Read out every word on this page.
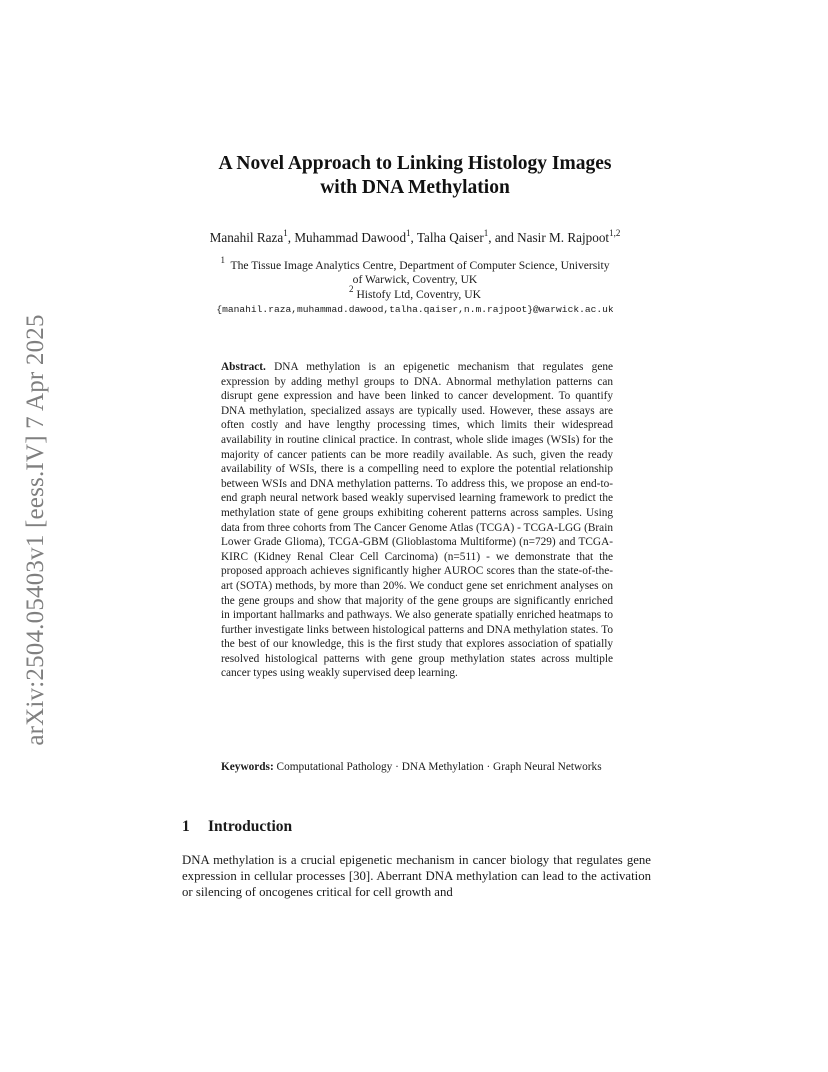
arXiv:2504.05403v1 [eess.IV] 7 Apr 2025
A Novel Approach to Linking Histology Images
with DNA Methylation
Manahil Raza$^1$, Muhammad Dawood$^1$, Talha Qaiser$^1$, and Nasir M. Rajpoot$^{1,2}$
$^1$ The Tissue Image Analytics Centre, Department of Computer Science, University
of Warwick, Coventry, UK
$^2$ Histofy Ltd, Coventry, UK
{manahil.raza,muhammad.dawood,talha.qaiser,n.m.rajpoot}@warwick.ac.uk
Abstract. DNA methylation is an epigenetic mechanism that regulates gene expression by adding methyl groups to DNA. Abnormal methylation patterns can disrupt gene expression and have been linked to cancer development. To quantify DNA methylation, specialized assays are typically used. However, these assays are often costly and have lengthy processing times, which limits their widespread availability in routine clinical practice. In contrast, whole slide images (WSIs) for the majority of cancer patients can be more readily available. As such, given the ready availability of WSIs, there is a compelling need to explore the potential relationship between WSIs and DNA methylation patterns. To address this, we propose an end-to-end graph neural network based weakly supervised learning framework to predict the methylation state of gene groups exhibiting coherent patterns across samples. Using data from three cohorts from The Cancer Genome Atlas (TCGA) - TCGA-LGG (Brain Lower Grade Glioma), TCGA-GBM (Glioblastoma Multiforme) (n=729) and TCGA-KIRC (Kidney Renal Clear Cell Carcinoma) (n=511) - we demonstrate that the proposed approach achieves significantly higher AUROC scores than the state-of-the-art (SOTA) methods, by more than 20%. We conduct gene set enrichment analyses on the gene groups and show that majority of the gene groups are significantly enriched in important hallmarks and pathways. We also generate spatially enriched heatmaps to further investigate links between histological patterns and DNA methylation states. To the best of our knowledge, this is the first study that explores association of spatially resolved histological patterns with gene group methylation states across multiple cancer types using weakly supervised deep learning.
Keywords: Computational Pathology · DNA Methylation · Graph Neural Networks
1 Introduction
DNA methylation is a crucial epigenetic mechanism in cancer biology that regulates gene expression in cellular processes [30]. Aberrant DNA methylation can lead to the activation or silencing of oncogenes critical for cell growth and
